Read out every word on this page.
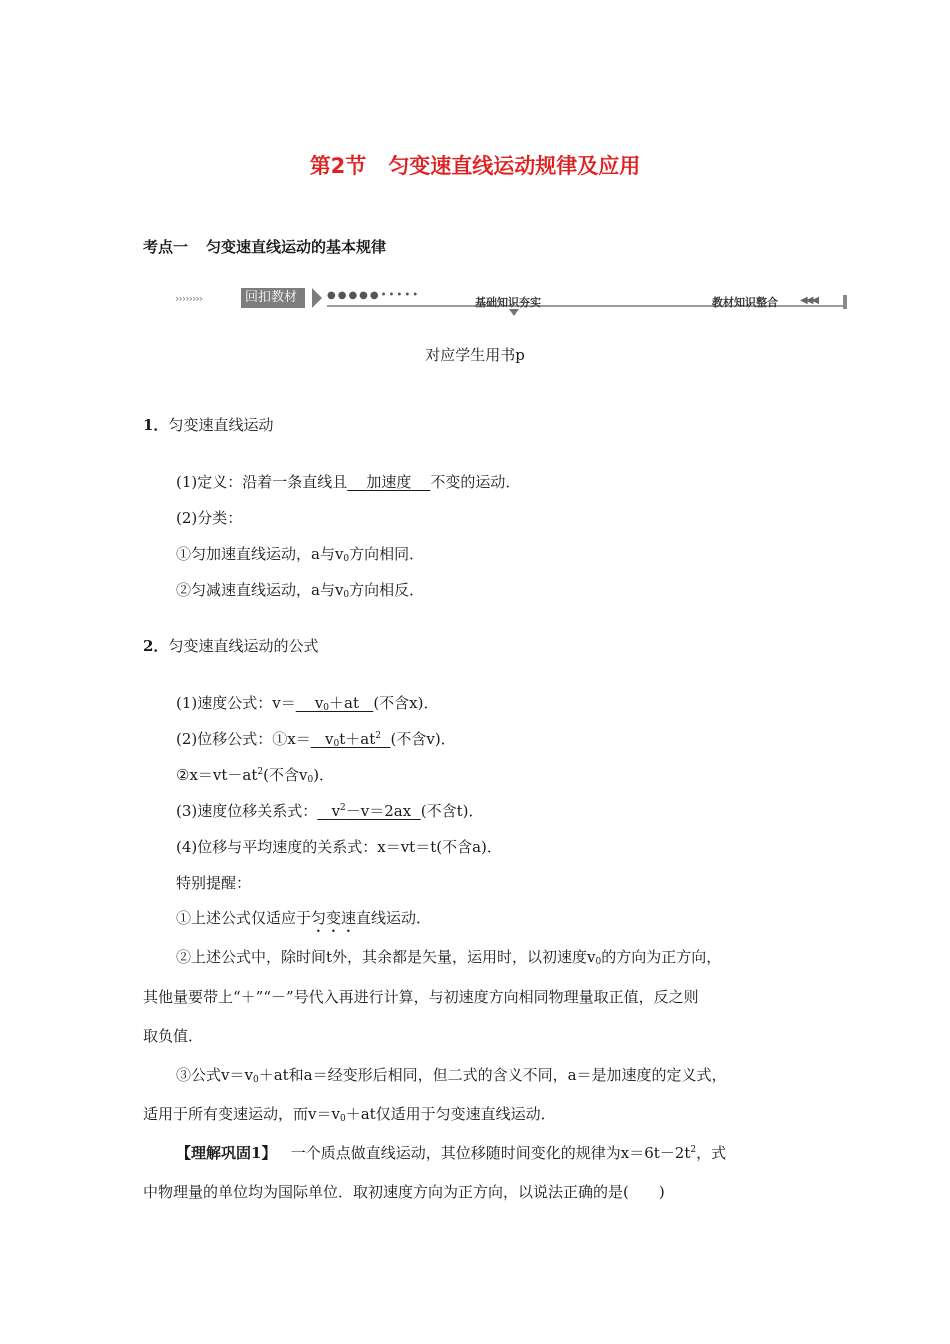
第2节 匀变速直线运动规律及应用
考点一 匀变速直线运动的基本规律
››››››››	回扣教材	●●●●●•••••
基础知识夯实	教材知识整合 ◀◀◀
对应学生用书p
1．匀变速直线运动
(1)定义：沿着一条直线且 加速度 不变的运动．
(2)分类：
①匀加速直线运动，a与$v_0$方向相同．
②匀减速直线运动，a与$v_0$方向相反．
2．匀变速直线运动的公式
(1)速度公式：$v= v_0+at$ (不含x)．
(2)位移公式：①x＝ $v_0t+at^2$ (不含v)．
$②x=vt-at^2$(不含$v_0$)．
(3)速度位移关系式： $v^2-v=2ax$ (不含t)．
(4)位移与平均速度的关系式：x＝vt＝t(不含a)．
特别提醒：
①上述公式仅适应于匀变速直线运动．
②上述公式中，除时间t外，其余都是矢量，运用时，以初速度$v_0$的方向为正方向，
其他量要带上“＋”“－”号代入再进行计算，与初速度方向相同物理量取正值，反之则
取负值．
③公式$v=v_0+at$和a＝经变形后相同，但二式的含义不同，a＝是加速度的定义式，
适用于所有变速运动，而$v=v_0+at$仅适用于匀变速直线运动．
【理解巩固1】 一个质点做直线运动，其位移随时间变化的规律为$x=6t-2t^2$，式
中物理量的单位均为国际单位．取初速度方向为正方向，以说法正确的是(　　)
